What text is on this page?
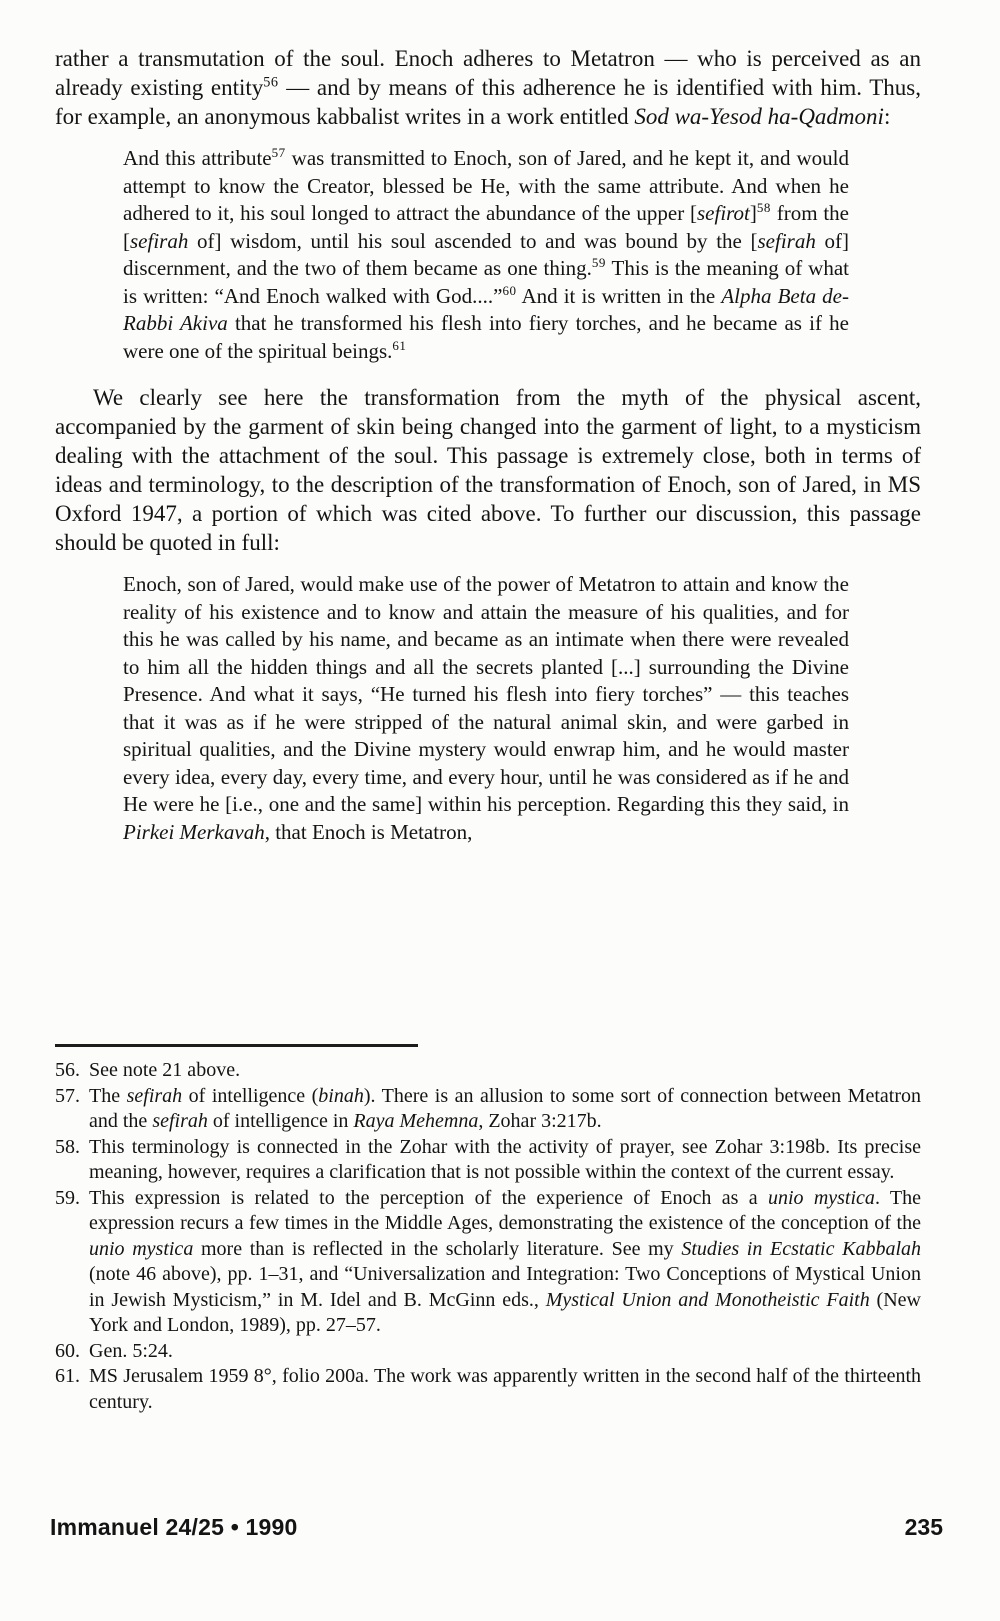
rather a transmutation of the soul. Enoch adheres to Metatron — who is perceived as an already existing entity$^{56}$ — and by means of this adherence he is identified with him. Thus, for example, an anonymous kabbalist writes in a work entitled Sod wa-Yesod ha-Qadmoni:

And this attribute$^{57}$ was transmitted to Enoch, son of Jared, and he kept it, and would attempt to know the Creator, blessed be He, with the same attribute. And when he adhered to it, his soul longed to attract the abundance of the upper [sefirot]$^{58}$ from the [sefirah of] wisdom, until his soul ascended to and was bound by the [sefirah of] discernment, and the two of them became as one thing.$^{59}$ This is the meaning of what is written: “And Enoch walked with God....”$^{60}$ And it is written in the Alpha Beta de-Rabbi Akiva that he transformed his flesh into fiery torches, and he became as if he were one of the spiritual beings.$^{61}$

We clearly see here the transformation from the myth of the physical ascent, accompanied by the garment of skin being changed into the garment of light, to a mysticism dealing with the attachment of the soul. This passage is extremely close, both in terms of ideas and terminology, to the description of the transformation of Enoch, son of Jared, in MS Oxford 1947, a portion of which was cited above. To further our discussion, this passage should be quoted in full:

Enoch, son of Jared, would make use of the power of Metatron to attain and know the reality of his existence and to know and attain the measure of his qualities, and for this he was called by his name, and became as an intimate when there were revealed to him all the hidden things and all the secrets planted [...] surrounding the Divine Presence. And what it says, “He turned his flesh into fiery torches” — this teaches that it was as if he were stripped of the natural animal skin, and were garbed in spiritual qualities, and the Divine mystery would enwrap him, and he would master every idea, every day, every time, and every hour, until he was considered as if he and He were he [i.e., one and the same] within his perception. Regarding this they said, in Pirkei Merkavah, that Enoch is Metatron,
56. See note 21 above.
57. The sefirah of intelligence (binah). There is an allusion to some sort of connection between Metatron and the sefirah of intelligence in Raya Mehemna, Zohar 3:217b.
58. This terminology is connected in the Zohar with the activity of prayer, see Zohar 3:198b. Its precise meaning, however, requires a clarification that is not possible within the context of the current essay.
59. This expression is related to the perception of the experience of Enoch as a unio mystica. The expression recurs a few times in the Middle Ages, demonstrating the existence of the conception of the unio mystica more than is reflected in the scholarly literature. See my Studies in Ecstatic Kabbalah (note 46 above), pp. 1–31, and “Universalization and Integration: Two Conceptions of Mystical Union in Jewish Mysticism,” in M. Idel and B. McGinn eds., Mystical Union and Monotheistic Faith (New York and London, 1989), pp. 27–57.
60. Gen. 5:24.
61. MS Jerusalem 1959 8°, folio 200a. The work was apparently written in the second half of the thirteenth century.
Immanuel 24/25 • 1990	235
